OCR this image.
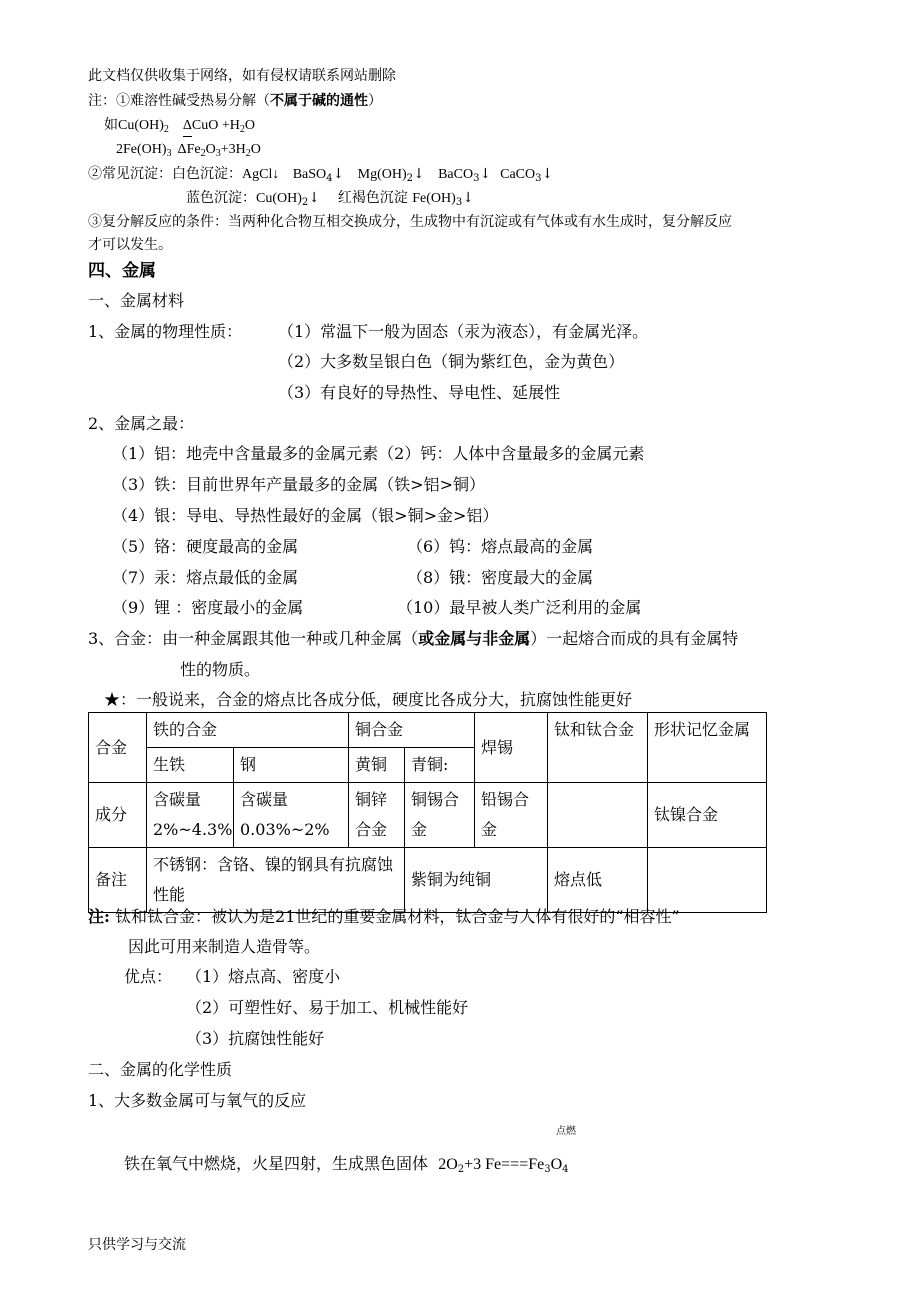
此文档仅供收集于网络，如有侵权请联系网站删除
注：①难溶性碱受热易分解（不属于碱的通性）
如$Cu(OH)_2$ $\Delta CuO +H_2O$
$2Fe(OH)_3$ $\Delta Fe_2O_3+3H_2O$
②常见沉淀：白色沉淀：AgCl↓ BaSO$_4$↓ $Mg(OH)_2↓$ BaCO$_3$↓ CaCO$_3$↓
蓝色沉淀：$Cu(OH)_2↓$ 红褐色沉淀 $Fe(OH)_3↓$
③复分解反应的条件：当两种化合物互相交换成分，生成物中有沉淀或有气体或有水生成时，复分解反应
才可以发生。
四、金属
一、金属材料
1、金属的物理性质： （1）常温下一般为固态（汞为液态），有金属光泽。
（2）大多数呈银白色（铜为紫红色，金为黄色）
（3）有良好的导热性、导电性、延展性
2、金属之最：
（1）铝：地壳中含量最多的金属元素（2）钙：人体中含量最多的金属元素
（3）铁：目前世界年产量最多的金属（铁>铝>铜）
（4）银：导电、导热性最好的金属（银>铜>金>铝）
（5）铬：硬度最高的金属	（6）钨：熔点最高的金属
（7）汞：熔点最低的金属	（8）锇：密度最大的金属
（9）锂 ：密度最小的金属	（10）最早被人类广泛利用的金属
3、合金：由一种金属跟其他一种或几种金属（或金属与非金属）一起熔合而成的具有金属特
性的物质。
★：一般说来，合金的熔点比各成分低，硬度比各成分大，抗腐蚀性能更好
合金	铁的合金		铜合金		焊锡	钛和钛合金	形状记忆金属
	生铁	钢	黄铜	青铜:			
成分	含碳量2%~4.3%	含碳量0.03%~2%	铜锌合金	铜锡合金	铅锡合金		钛镍合金
备注	不锈钢：含铬、镍的钢具有抗腐蚀性能			紫铜为纯铜		熔点低	
注: 钛和钛合金：被认为是21世纪的重要金属材料，钛合金与人体有很好的“相容性”
因此可用来制造人造骨等。
优点： （1）熔点高、密度小
（2）可塑性好、易于加工、机械性能好
（3）抗腐蚀性能好
二、金属的化学性质
1、大多数金属可与氧气的反应
点燃
铁在氧气中燃烧，火星四射，生成黑色固体 $2O_2+3$ $Fe===Fe_3O_4$
只供学习与交流
